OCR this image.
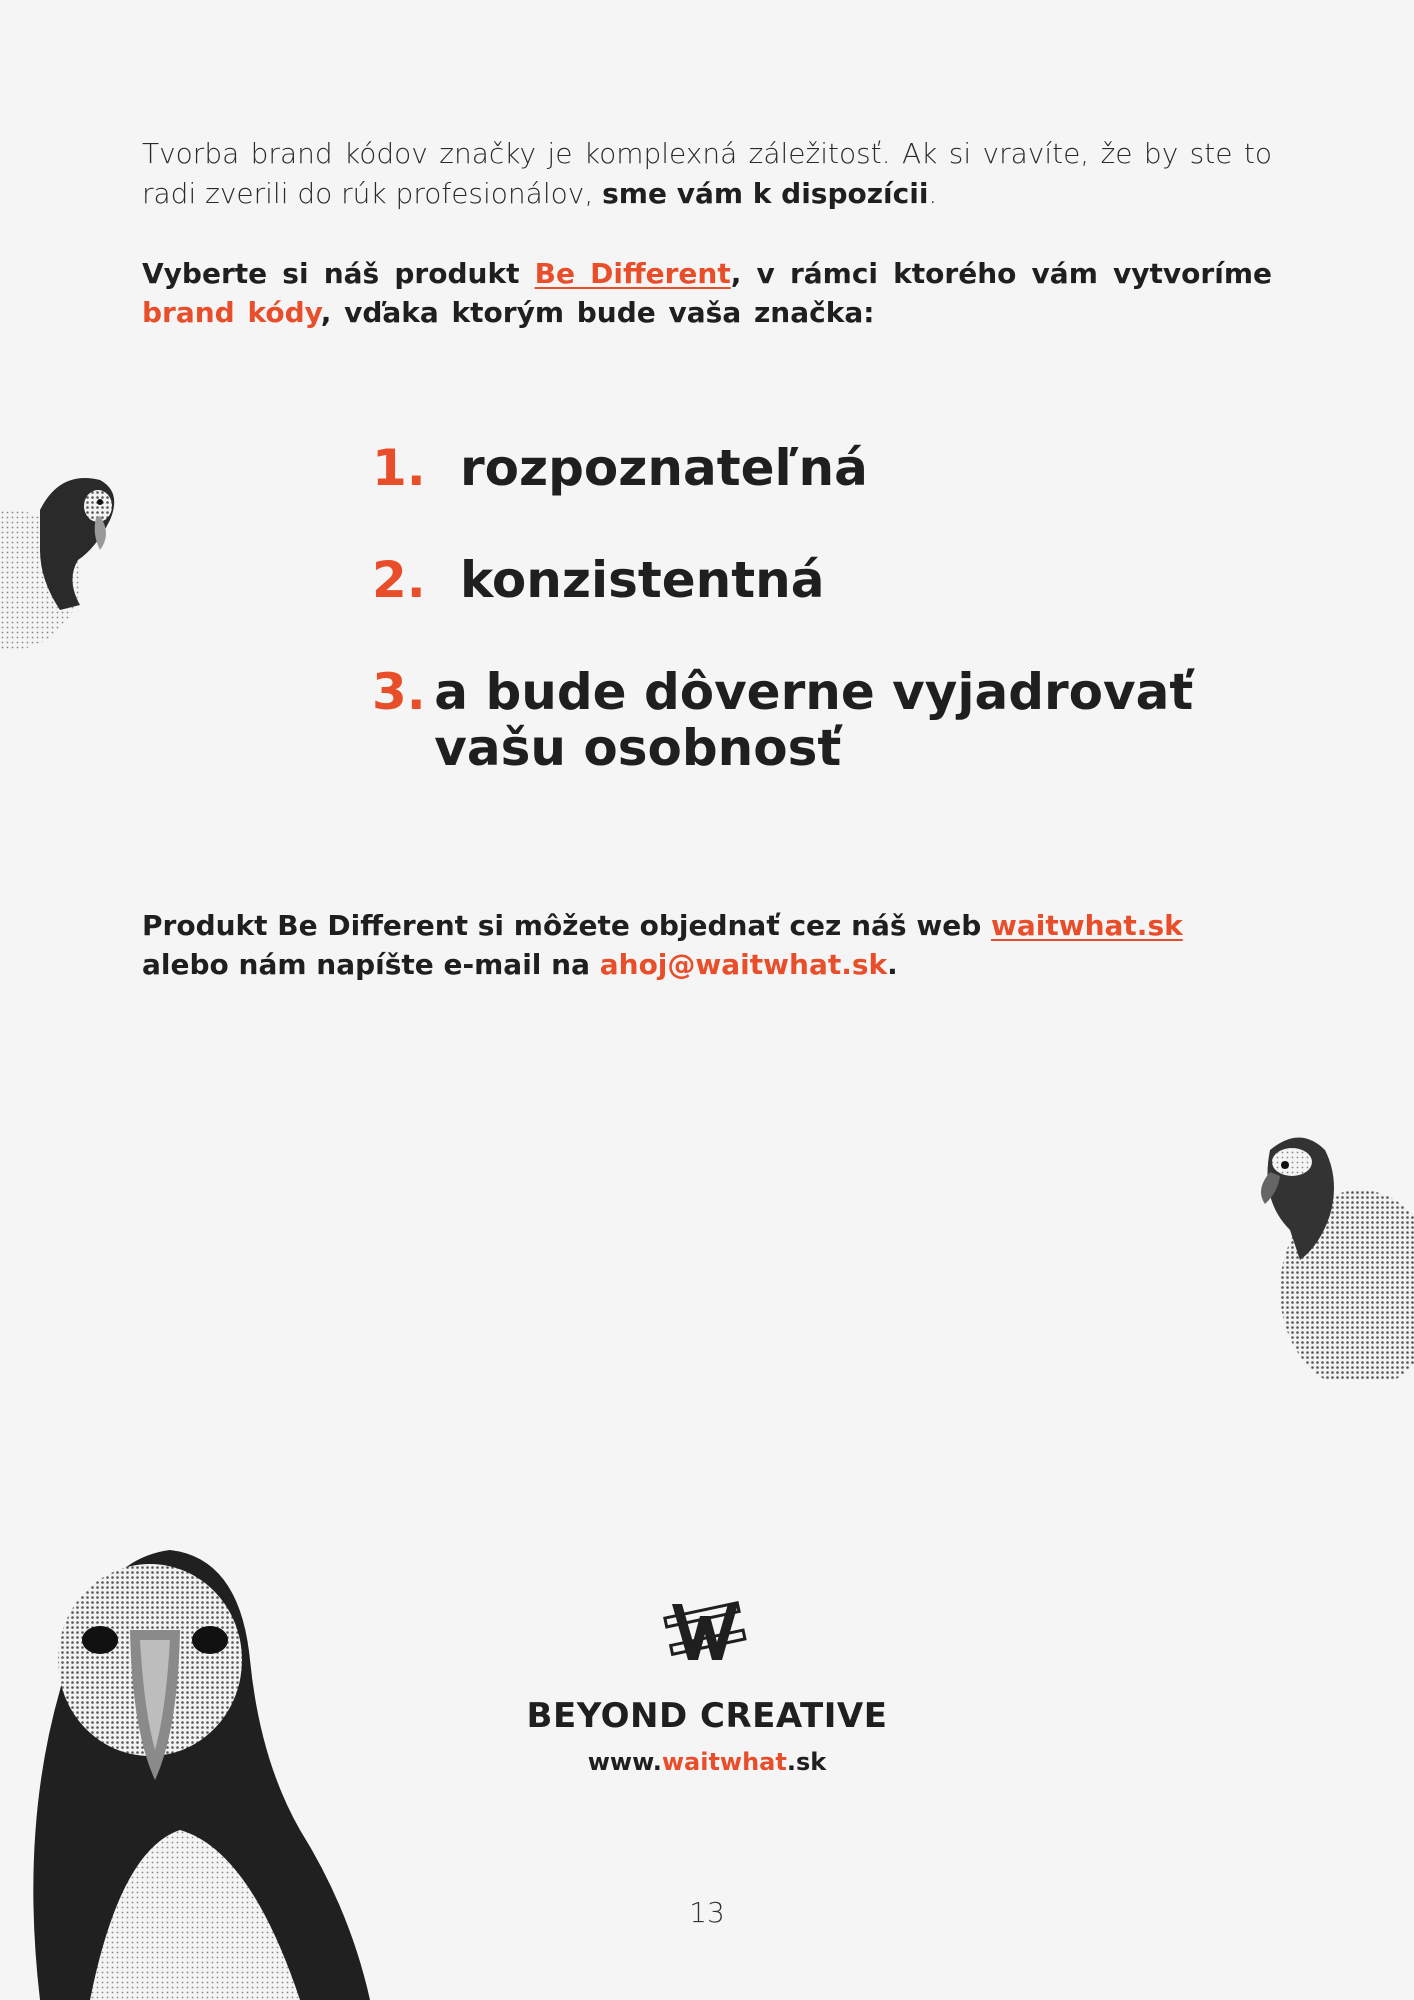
Tvorba brand kódov značky je komplexná záležitosť. Ak si vravíte, že by ste to radi zverili do rúk profesionálov, sme vám k dispozícii.

Vyberte si náš produkt Be Different, v rámci ktorého vám vytvoríme brand kódy, vďaka ktorým bude vaša značka:

1. rozpoznateľná
2. konzistentná
3. a bude dôverne vyjadrovať vašu osobnosť

Produkt Be Different si môžete objednať cez náš web waitwhat.sk alebo nám napíšte e-mail na ahoj@waitwhat.sk.

BEYOND CREATIVE
www.waitwhat.sk
13
